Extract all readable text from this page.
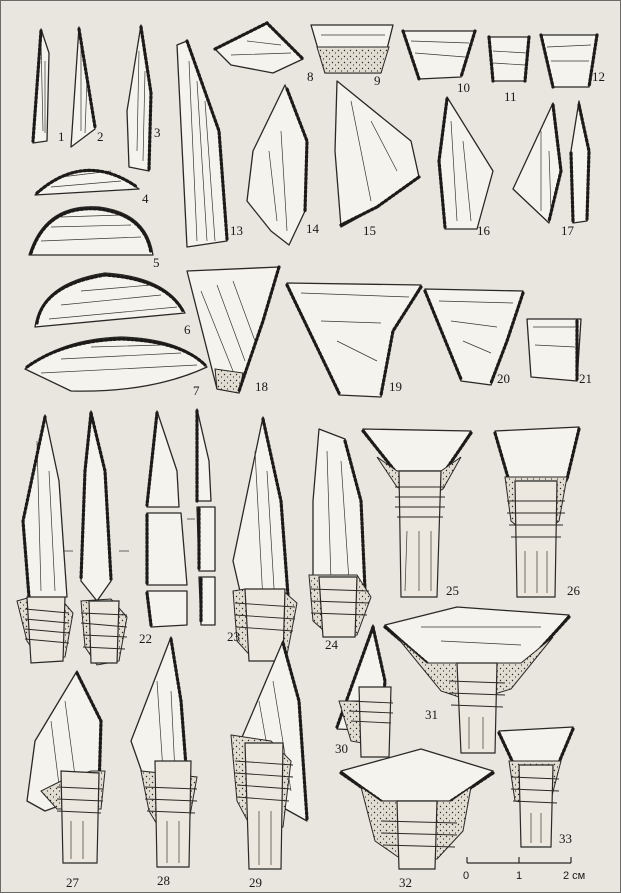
1	2	3
4
5
6
7
8	9	10
11
12
13	14	15	16	17
18	19
20	21
22	23
24
25	26
27	28	29
30
31
32
33
0	1	2 см
